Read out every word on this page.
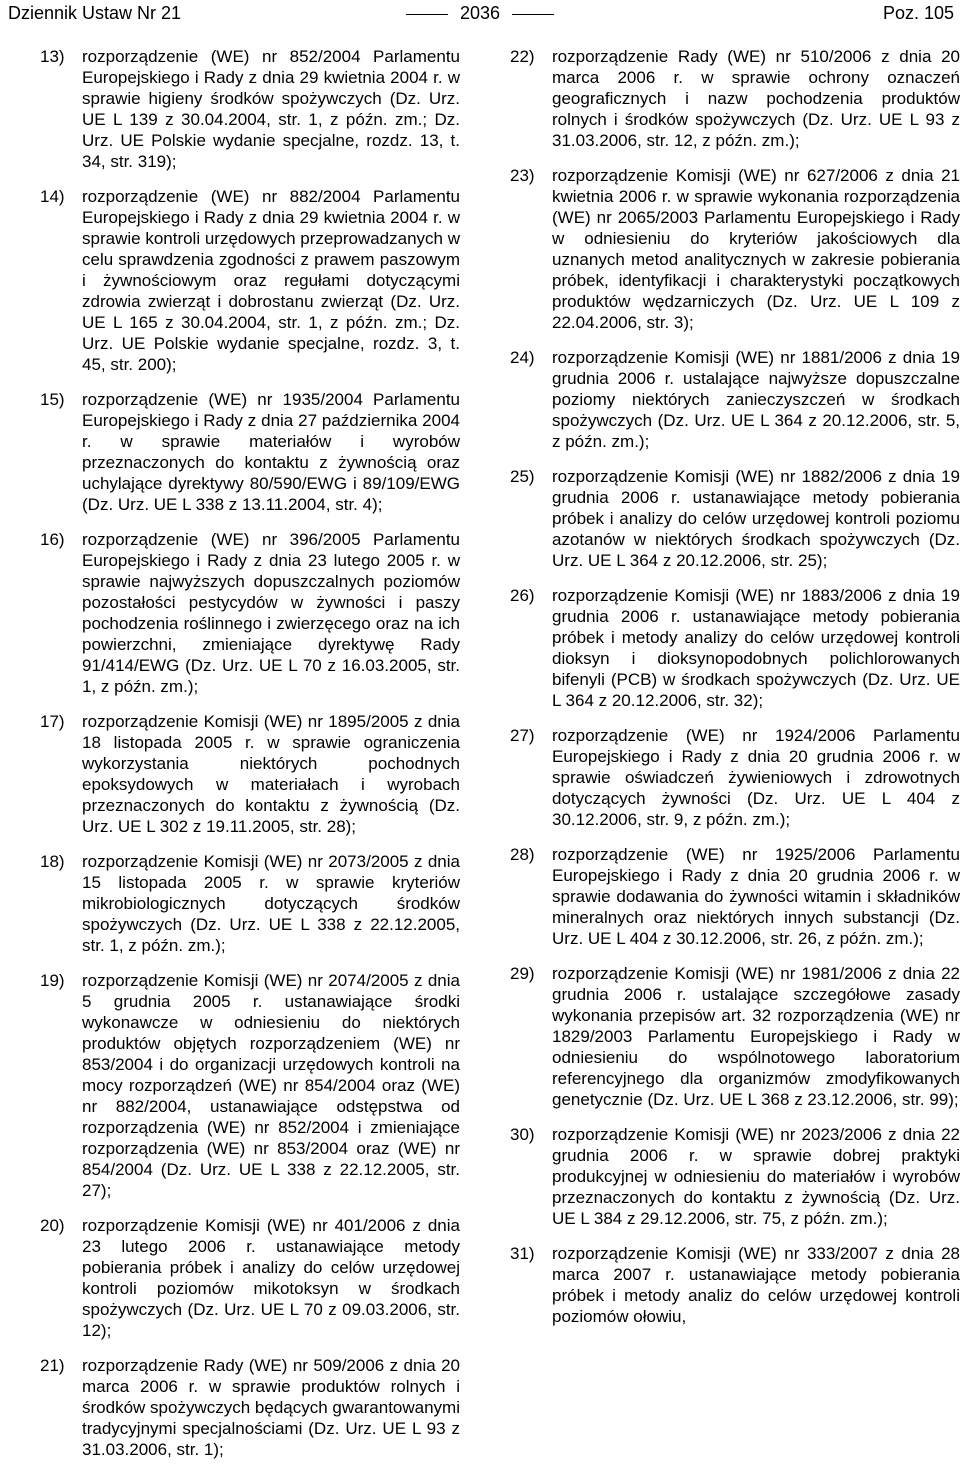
Dziennik Ustaw Nr 21	2036	Poz. 105
13) rozporządzenie (WE) nr 852/2004 Parlamentu Europejskiego i Rady z dnia 29 kwietnia 2004 r. w sprawie higieny środków spożywczych (Dz. Urz. UE L 139 z 30.04.2004, str. 1, z późn. zm.; Dz. Urz. UE Polskie wydanie specjalne, rozdz. 13, t. 34, str. 319);
14) rozporządzenie (WE) nr 882/2004 Parlamentu Europejskiego i Rady z dnia 29 kwietnia 2004 r. w sprawie kontroli urzędowych przeprowadzanych w celu sprawdzenia zgodności z prawem paszowym i żywnościowym oraz regułami dotyczącymi zdrowia zwierząt i dobrostanu zwierząt (Dz. Urz. UE L 165 z 30.04.2004, str. 1, z późn. zm.; Dz. Urz. UE Polskie wydanie specjalne, rozdz. 3, t. 45, str. 200);
15) rozporządzenie (WE) nr 1935/2004 Parlamentu Europejskiego i Rady z dnia 27 października 2004 r. w sprawie materiałów i wyrobów przeznaczonych do kontaktu z żywnością oraz uchylające dyrektywy 80/590/EWG i 89/109/EWG (Dz. Urz. UE L 338 z 13.11.2004, str. 4);
16) rozporządzenie (WE) nr 396/2005 Parlamentu Europejskiego i Rady z dnia 23 lutego 2005 r. w sprawie najwyższych dopuszczalnych poziomów pozostałości pestycydów w żywności i paszy pochodzenia roślinnego i zwierzęcego oraz na ich powierzchni, zmieniające dyrektywę Rady 91/414/EWG (Dz. Urz. UE L 70 z 16.03.2005, str. 1, z późn. zm.);
17) rozporządzenie Komisji (WE) nr 1895/2005 z dnia 18 listopada 2005 r. w sprawie ograniczenia wykorzystania niektórych pochodnych epoksydowych w materiałach i wyrobach przeznaczonych do kontaktu z żywnością (Dz. Urz. UE L 302 z 19.11.2005, str. 28);
18) rozporządzenie Komisji (WE) nr 2073/2005 z dnia 15 listopada 2005 r. w sprawie kryteriów mikrobiologicznych dotyczących środków spożywczych (Dz. Urz. UE L 338 z 22.12.2005, str. 1, z późn. zm.);
19) rozporządzenie Komisji (WE) nr 2074/2005 z dnia 5 grudnia 2005 r. ustanawiające środki wykonawcze w odniesieniu do niektórych produktów objętych rozporządzeniem (WE) nr 853/2004 i do organizacji urzędowych kontroli na mocy rozporządzeń (WE) nr 854/2004 oraz (WE) nr 882/2004, ustanawiające odstępstwa od rozporządzenia (WE) nr 852/2004 i zmieniające rozporządzenia (WE) nr 853/2004 oraz (WE) nr 854/2004 (Dz. Urz. UE L 338 z 22.12.2005, str. 27);
20) rozporządzenie Komisji (WE) nr 401/2006 z dnia 23 lutego 2006 r. ustanawiające metody pobierania próbek i analizy do celów urzędowej kontroli poziomów mikotoksyn w środkach spożywczych (Dz. Urz. UE L 70 z 09.03.2006, str. 12);
21) rozporządzenie Rady (WE) nr 509/2006 z dnia 20 marca 2006 r. w sprawie produktów rolnych i środków spożywczych będących gwarantowanymi tradycyjnymi specjalnościami (Dz. Urz. UE L 93 z 31.03.2006, str. 1);
22) rozporządzenie Rady (WE) nr 510/2006 z dnia 20 marca 2006 r. w sprawie ochrony oznaczeń geograficznych i nazw pochodzenia produktów rolnych i środków spożywczych (Dz. Urz. UE L 93 z 31.03.2006, str. 12, z późn. zm.);
23) rozporządzenie Komisji (WE) nr 627/2006 z dnia 21 kwietnia 2006 r. w sprawie wykonania rozporządzenia (WE) nr 2065/2003 Parlamentu Europejskiego i Rady w odniesieniu do kryteriów jakościowych dla uznanych metod analitycznych w zakresie pobierania próbek, identyfikacji i charakterystyki początkowych produktów wędzarniczych (Dz. Urz. UE L 109 z 22.04.2006, str. 3);
24) rozporządzenie Komisji (WE) nr 1881/2006 z dnia 19 grudnia 2006 r. ustalające najwyższe dopuszczalne poziomy niektórych zanieczyszczeń w środkach spożywczych (Dz. Urz. UE L 364 z 20.12.2006, str. 5, z późn. zm.);
25) rozporządzenie Komisji (WE) nr 1882/2006 z dnia 19 grudnia 2006 r. ustanawiające metody pobierania próbek i analizy do celów urzędowej kontroli poziomu azotanów w niektórych środkach spożywczych (Dz. Urz. UE L 364 z 20.12.2006, str. 25);
26) rozporządzenie Komisji (WE) nr 1883/2006 z dnia 19 grudnia 2006 r. ustanawiające metody pobierania próbek i metody analizy do celów urzędowej kontroli dioksyn i dioksynopodobnych polichlorowanych bifenyli (PCB) w środkach spożywczych (Dz. Urz. UE L 364 z 20.12.2006, str. 32);
27) rozporządzenie (WE) nr 1924/2006 Parlamentu Europejskiego i Rady z dnia 20 grudnia 2006 r. w sprawie oświadczeń żywieniowych i zdrowotnych dotyczących żywności (Dz. Urz. UE L 404 z 30.12.2006, str. 9, z późn. zm.);
28) rozporządzenie (WE) nr 1925/2006 Parlamentu Europejskiego i Rady z dnia 20 grudnia 2006 r. w sprawie dodawania do żywności witamin i składników mineralnych oraz niektórych innych substancji (Dz. Urz. UE L 404 z 30.12.2006, str. 26, z późn. zm.);
29) rozporządzenie Komisji (WE) nr 1981/2006 z dnia 22 grudnia 2006 r. ustalające szczegółowe zasady wykonania przepisów art. 32 rozporządzenia (WE) nr 1829/2003 Parlamentu Europejskiego i Rady w odniesieniu do wspólnotowego laboratorium referencyjnego dla organizmów zmodyfikowanych genetycznie (Dz. Urz. UE L 368 z 23.12.2006, str. 99);
30) rozporządzenie Komisji (WE) nr 2023/2006 z dnia 22 grudnia 2006 r. w sprawie dobrej praktyki produkcyjnej w odniesieniu do materiałów i wyrobów przeznaczonych do kontaktu z żywnością (Dz. Urz. UE L 384 z 29.12.2006, str. 75, z późn. zm.);
31) rozporządzenie Komisji (WE) nr 333/2007 z dnia 28 marca 2007 r. ustanawiające metody pobierania próbek i metody analiz do celów urzędowej kontroli poziomów ołowiu,
